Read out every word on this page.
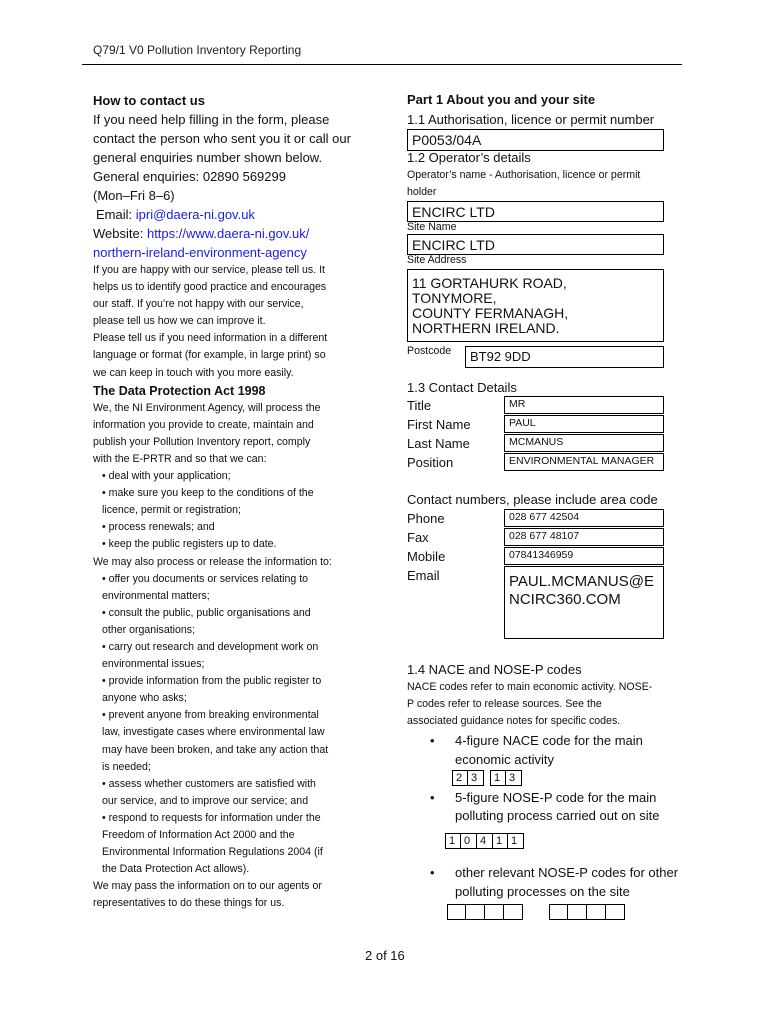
Q79/1 V0 Pollution Inventory Reporting
How to contact us
If you need help filling in the form, please
contact the person who sent you it or call our
general enquiries number shown below.
General enquiries: 02890 569299
(Mon–Fri 8–6)
Email: ipri@daera-ni.gov.uk
Website: https://www.daera-ni.gov.uk/
northern-ireland-environment-agency
If you are happy with our service, please tell us. It
helps us to identify good practice and encourages
our staff. If you’re not happy with our service,
please tell us how we can improve it.
Please tell us if you need information in a different
language or format (for example, in large print) so
we can keep in touch with you more easily.
The Data Protection Act 1998
We, the NI Environment Agency, will process the
information you provide to create, maintain and
publish your Pollution Inventory report, comply
with the E-PRTR and so that we can:
• deal with your application;
• make sure you keep to the conditions of the
licence, permit or registration;
• process renewals; and
• keep the public registers up to date.
We may also process or release the information to:
• offer you documents or services relating to
environmental matters;
• consult the public, public organisations and
other organisations;
• carry out research and development work on
environmental issues;
• provide information from the public register to
anyone who asks;
• prevent anyone from breaking environmental
law, investigate cases where environmental law
may have been broken, and take any action that
is needed;
• assess whether customers are satisfied with
our service, and to improve our service; and
• respond to requests for information under the
Freedom of Information Act 2000 and the
Environmental Information Regulations 2004 (if
the Data Protection Act allows).
We may pass the information on to our agents or
representatives to do these things for us.
Part 1 About you and your site
1.1 Authorisation, licence or permit number
P0053/04A
1.2 Operator’s details
Operator’s name - Authorisation, licence or permit
holder
ENCIRC LTD
Site Name
ENCIRC LTD
Site Address
11 GORTAHURK ROAD,
TONYMORE,
COUNTY FERMANAGH,
NORTHERN IRELAND.
Postcode	BT92 9DD
1.3 Contact Details
Title	MR
First Name	PAUL
Last Name	MCMANUS
Position	ENVIRONMENTAL MANAGER
Contact numbers, please include area code
Phone	028 677 42504
Fax	028 677 48107
Mobile	07841346959
Email	PAUL.MCMANUS@E
NCIRC360.COM
1.4 NACE and NOSE-P codes
NACE codes refer to main economic activity. NOSE-
P codes refer to release sources. See the
associated guidance notes for specific codes.
• 4-figure NACE code for the main
economic activity
2 3	1 3
• 5-figure NOSE-P code for the main
polluting process carried out on site
1 0 4 1 1
• other relevant NOSE-P codes for other
polluting processes on the site
2 of 16
